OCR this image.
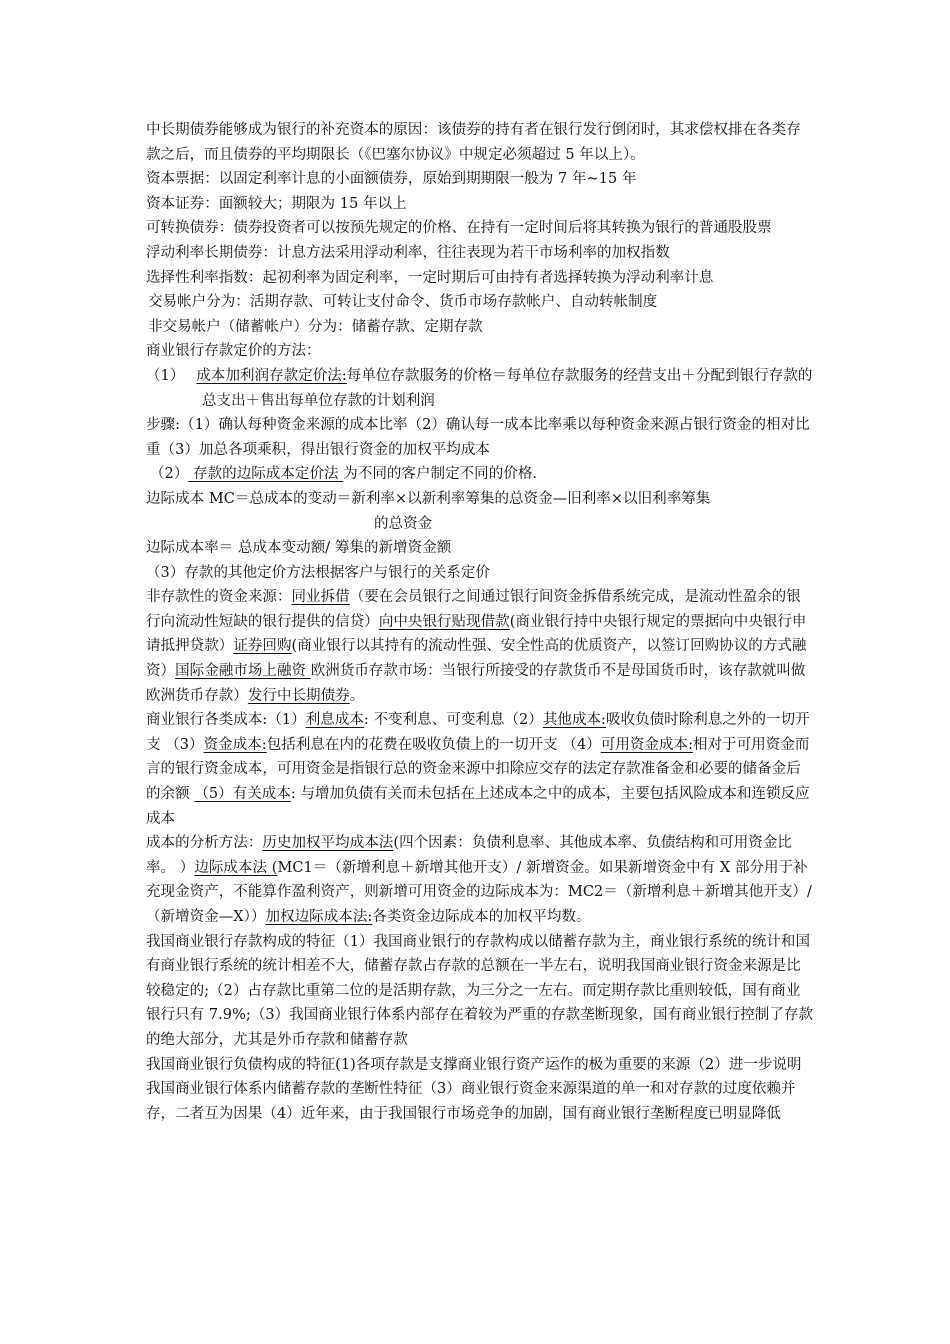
中长期债券能够成为银行的补充资本的原因：该债券的持有者在银行发行倒闭时，其求偿权排在各类存款之后，而且债券的平均期限长（《巴塞尔协议》中规定必须超过 5 年以上）。

资本票据：以固定利率计息的小面额债券，原始到期期限一般为 7 年~15 年

资本证券：面额较大；期限为 15 年以上

可转换债券：债券投资者可以按预先规定的价格、在持有一定时间后将其转换为银行的普通股股票

浮动利率长期债券：计息方法采用浮动利率，往往表现为若干市场利率的加权指数

选择性利率指数：起初利率为固定利率，一定时期后可由持有者选择转换为浮动利率计息

交易帐户分为：活期存款、可转让支付命令、货币市场存款帐户、自动转帐制度

非交易帐户（储蓄帐户）分为：储蓄存款、定期存款

商业银行存款定价的方法：

（1）　 成本加利润存款定价法:每单位存款服务的价格＝每单位存款服务的经营支出＋分配到银行存款的总支出＋售出每单位存款的计划利润

步骤:（1）确认每种资金来源的成本比率（2）确认每一成本比率乘以每种资金来源占银行资金的相对比重（3）加总各项乘积，得出银行资金的加权平均成本

（2） 存款的边际成本定价法 为不同的客户制定不同的价格.

边际成本 MC＝总成本的变动＝新利率×以新利率筹集的总资金—旧利率×以旧利率筹集

的总资金

边际成本率＝ 总成本变动额/ 筹集的新增资金额

（3）存款的其他定价方法根据客户与银行的关系定价

非存款性的资金来源：同业拆借（要在会员银行之间通过银行间资金拆借系统完成，是流动性盈余的银行向流动性短缺的银行提供的信贷）向中央银行贴现借款(商业银行持中央银行规定的票据向中央银行申请抵押贷款）证券回购(商业银行以其持有的流动性强、安全性高的优质资产，以签订回购协议的方式融资）国际金融市场上融资 欧洲货币存款市场：当银行所接受的存款货币不是母国货币时，该存款就叫做欧洲货币存款）发行中长期债券。

商业银行各类成本:（1）利息成本: 不变利息、可变利息（2）其他成本:吸收负债时除利息之外的一切开支 （3）资金成本:包括利息在内的花费在吸收负债上的一切开支 （4）可用资金成本:相对于可用资金而言的银行资金成本，可用资金是指银行总的资金来源中扣除应交存的法定存款准备金和必要的储备金后的余额 （5）有关成本: 与增加负债有关而未包括在上述成本之中的成本，主要包括风险成本和连锁反应成本

成本的分析方法：历史加权平均成本法(四个因素：负债利息率、其他成本率、负债结构和可用资金比率。 ）边际成本法 (MC1＝（新增利息＋新增其他开支）/ 新增资金。如果新增资金中有 X 部分用于补充现金资产，不能算作盈利资产，则新增可用资金的边际成本为：MC2＝（新增利息＋新增其他开支）/ （新增资金—X））加权边际成本法:各类资金边际成本的加权平均数。

我国商业银行存款构成的特征（1）我国商业银行的存款构成以储蓄存款为主，商业银行系统的统计和国有商业银行系统的统计相差不大，储蓄存款占存款的总额在一半左右，说明我国商业银行资金来源是比较稳定的;（2）占存款比重第二位的是活期存款，为三分之一左右。而定期存款比重则较低，国有商业银行只有 7.9%;（3）我国商业银行体系内部存在着较为严重的存款垄断现象，国有商业银行控制了存款的绝大部分，尤其是外币存款和储蓄存款

我国商业银行负债构成的特征(1)各项存款是支撑商业银行资产运作的极为重要的来源（2）进一步说明我国商业银行体系内储蓄存款的垄断性特征（3）商业银行资金来源渠道的单一和对存款的过度依赖并存，二者互为因果（4）近年来，由于我国银行市场竞争的加剧，国有商业银行垄断程度已明显降低
